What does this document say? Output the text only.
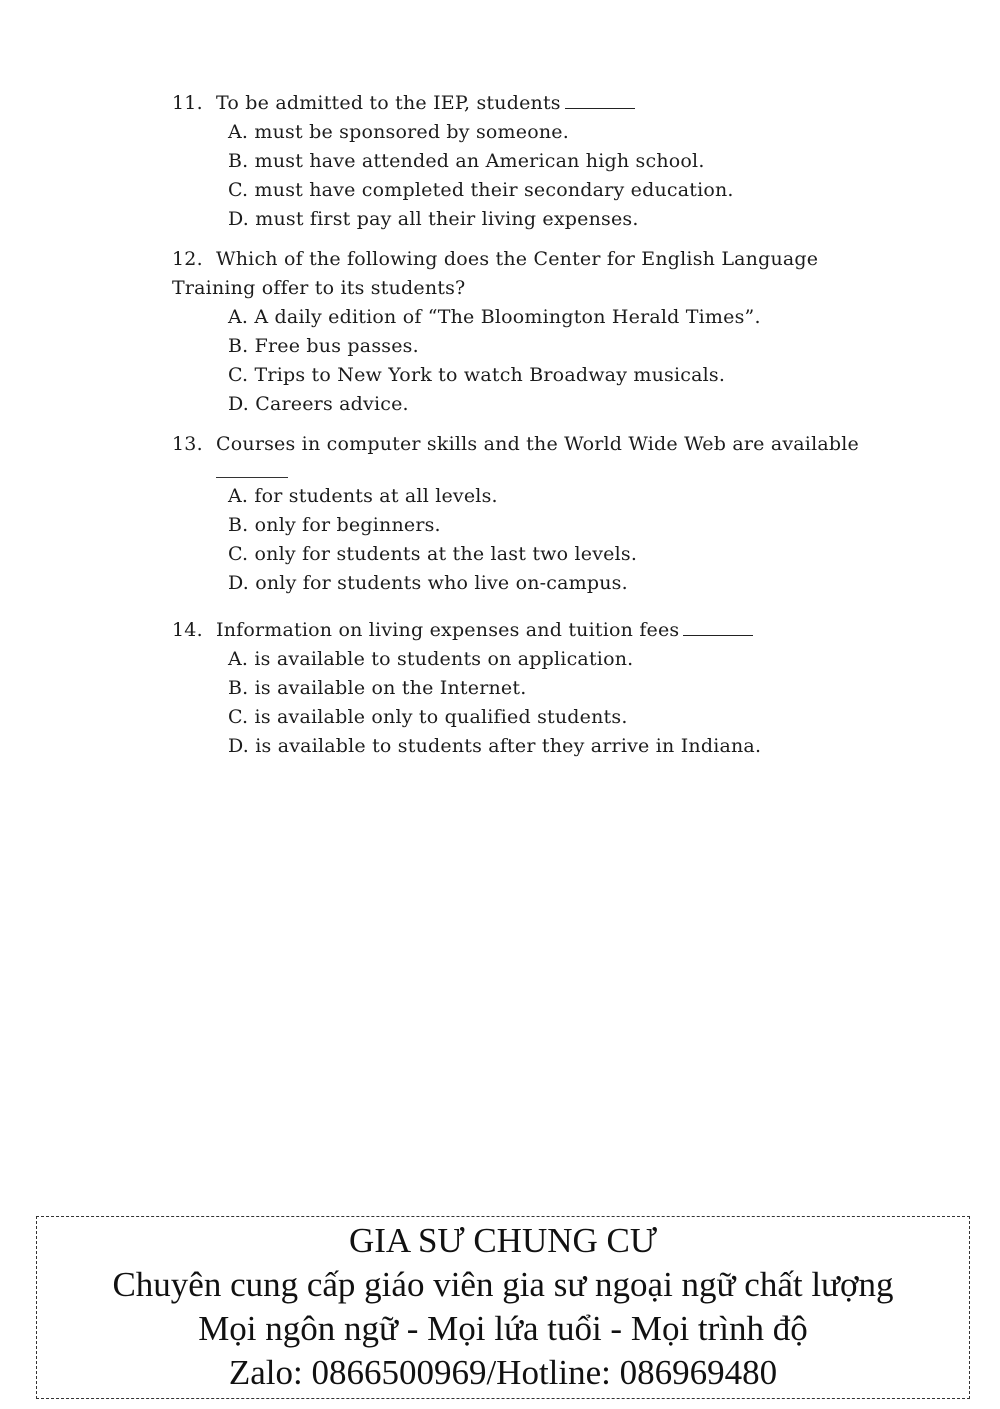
11. To be admitted to the IEP, students
A. must be sponsored by someone.
B. must have attended an American high school.
C. must have completed their secondary education.
D. must first pay all their living expenses.
12. Which of the following does the Center for English Language
Training offer to its students?
A. A daily edition of “The Bloomington Herald Times”.
B. Free bus passes.
C. Trips to New York to watch Broadway musicals.
D. Careers advice.
13. Courses in computer skills and the World Wide Web are available
A. for students at all levels.
B. only for beginners.
C. only for students at the last two levels.
D. only for students who live on-campus.
14. Information on living expenses and tuition fees
A. is available to students on application.
B. is available on the Internet.
C. is available only to qualified students.
D. is available to students after they arrive in Indiana.
GIA SƯ CHUNG CƯ
Chuyên cung cấp giáo viên gia sư ngoại ngữ chất lượng
Mọi ngôn ngữ - Mọi lứa tuổi - Mọi trình độ
Zalo: 0866500969/Hotline: 086969480
